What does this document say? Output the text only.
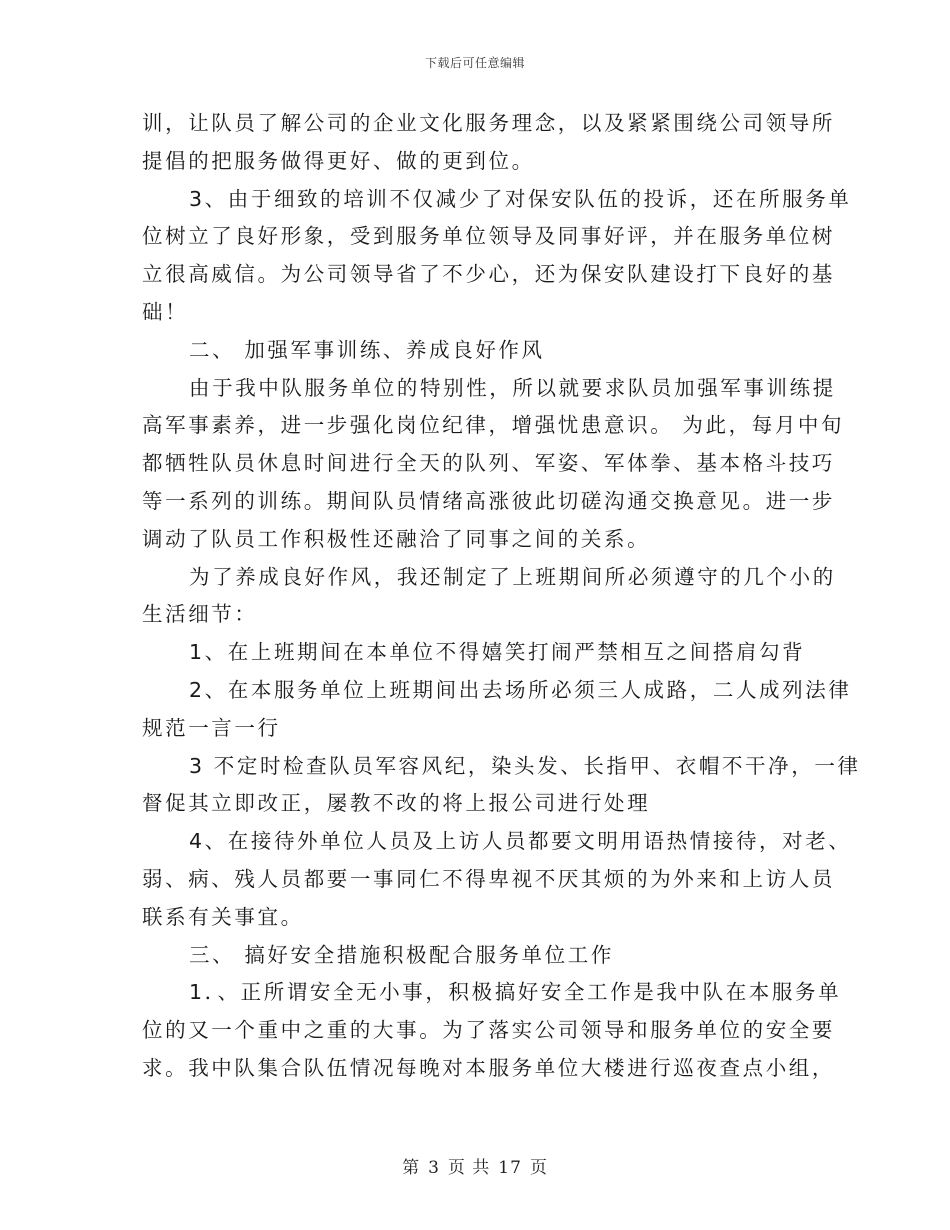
下载后可任意编辑

训，让队员了解公司的企业文化服务理念，以及紧紧围绕公司领导所

提倡的把服务做得更好、做的更到位。

3、由于细致的培训不仅减少了对保安队伍的投诉，还在所服务单

位树立了良好形象，受到服务单位领导及同事好评，并在服务单位树

立很高威信。为公司领导省了不少心，还为保安队建设打下良好的基

础！

二、 加强军事训练、养成良好作风

由于我中队服务单位的特别性，所以就要求队员加强军事训练提

高军事素养，进一步强化岗位纪律，增强忧患意识。 为此，每月中旬

都牺牲队员休息时间进行全天的队列、军姿、军体拳、基本格斗技巧

等一系列的训练。期间队员情绪高涨彼此切磋沟通交换意见。进一步

调动了队员工作积极性还融洽了同事之间的关系。

为了养成良好作风，我还制定了上班期间所必须遵守的几个小的

生活细节：

1、在上班期间在本单位不得嬉笑打闹严禁相互之间搭肩勾背

2、在本服务单位上班期间出去场所必须三人成路，二人成列法律

规范一言一行

3 不定时检查队员军容风纪，染头发、长指甲、衣帽不干净，一律

督促其立即改正，屡教不改的将上报公司进行处理

4、在接待外单位人员及上访人员都要文明用语热情接待，对老、

弱、病、残人员都要一事同仁不得卑视不厌其烦的为外来和上访人员

联系有关事宜。

三、 搞好安全措施积极配合服务单位工作

1．、正所谓安全无小事，积极搞好安全工作是我中队在本服务单

位的又一个重中之重的大事。为了落实公司领导和服务单位的安全要

求。我中队集合队伍情况每晚对本服务单位大楼进行巡夜查点小组，

第 3 页 共 17 页
